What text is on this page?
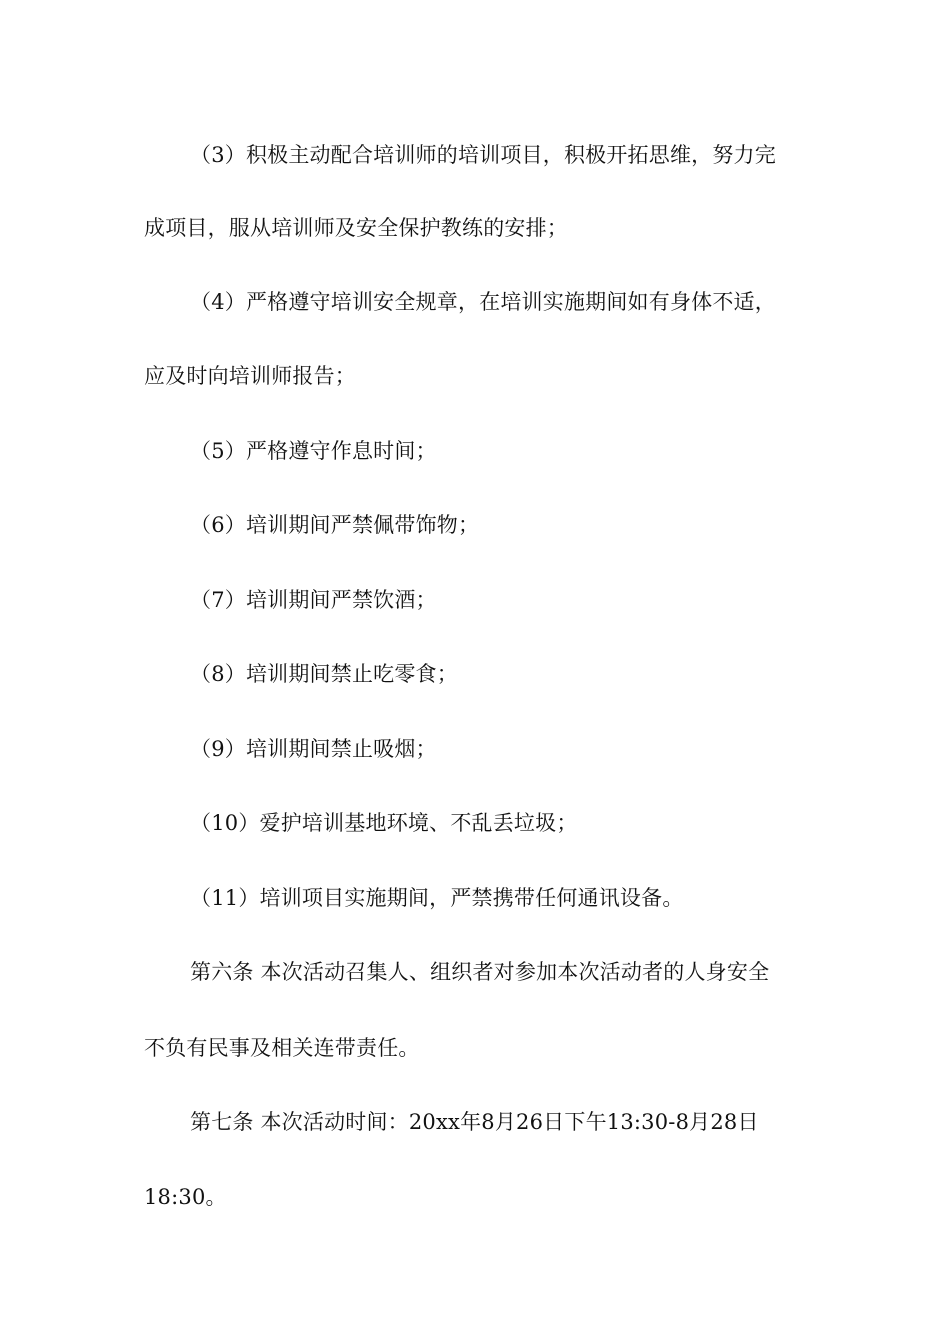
（3）积极主动配合培训师的培训项目，积极开拓思维，努力完
成项目，服从培训师及安全保护教练的安排；
（4）严格遵守培训安全规章，在培训实施期间如有身体不适，
应及时向培训师报告；
（5）严格遵守作息时间；
（6）培训期间严禁佩带饰物；
（7）培训期间严禁饮酒；
（8）培训期间禁止吃零食；
（9）培训期间禁止吸烟；
（10）爱护培训基地环境、不乱丢垃圾；
（11）培训项目实施期间，严禁携带任何通讯设备。
第六条 本次活动召集人、组织者对参加本次活动者的人身安全
不负有民事及相关连带责任。
第七条 本次活动时间：20xx年8月26日下午13:30-8月28日
18:30。
